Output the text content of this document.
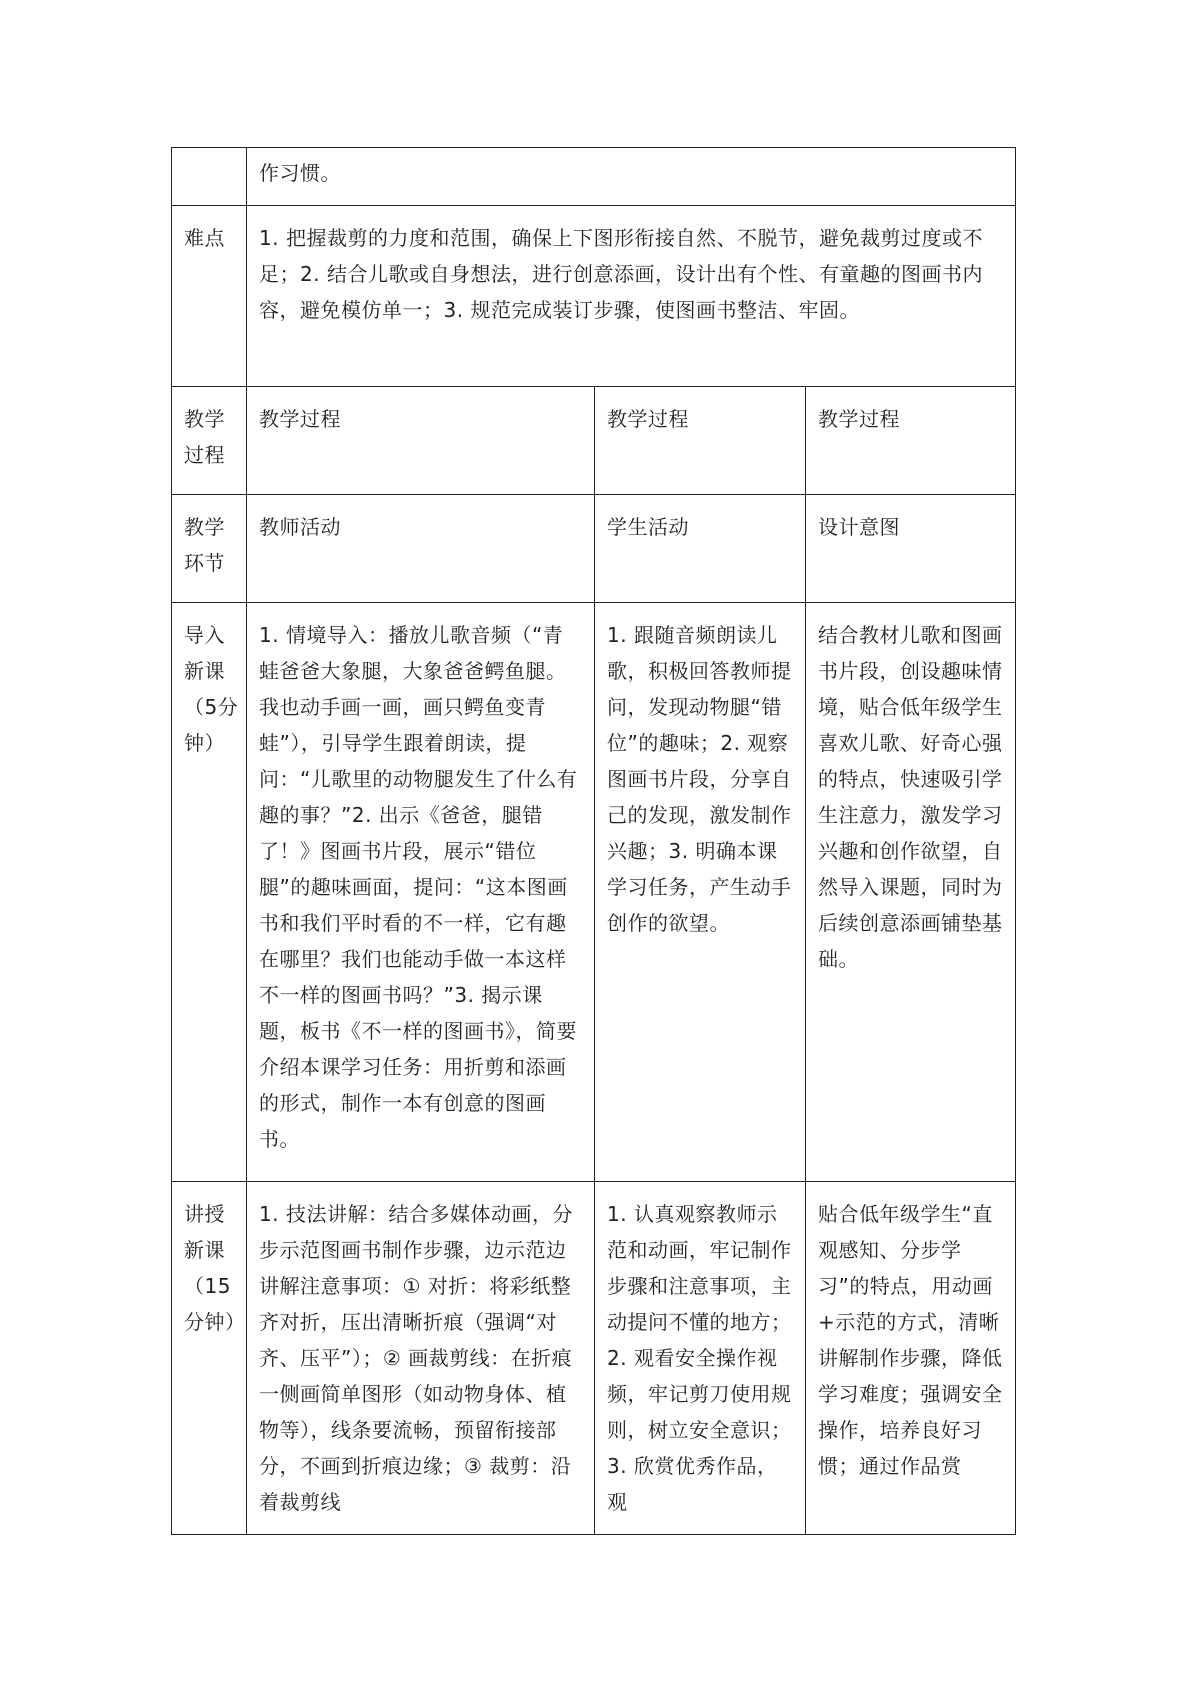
	作习惯。		
难点	1. 把握裁剪的力度和范围，确保上下图形衔接自然、不脱节，避免裁剪过度或不足；2. 结合儿歌或自身想法，进行创意添画，设计出有个性、有童趣的图画书内容，避免模仿单一；3. 规范完成装订步骤，使图画书整洁、牢固。		
教学过程	教学过程	教学过程	教学过程
教学环节	教师活动	学生活动	设计意图
导入新课（5分钟）	1. 情境导入：播放儿歌音频（“青蛙爸爸大象腿，大象爸爸鳄鱼腿。我也动手画一画，画只鳄鱼变青蛙”），引导学生跟着朗读，提问：“儿歌里的动物腿发生了什么有趣的事？”2. 出示《爸爸，腿错了！》图画书片段，展示“错位腿”的趣味画面，提问：“这本图画书和我们平时看的不一样，它有趣在哪里？我们也能动手做一本这样不一样的图画书吗？”3. 揭示课题，板书《不一样的图画书》，简要介绍本课学习任务：用折剪和添画的形式，制作一本有创意的图画书。	1. 跟随音频朗读儿歌，积极回答教师提问，发现动物腿“错位”的趣味；2. 观察图画书片段，分享自己的发现，激发制作兴趣；3. 明确本课学习任务，产生动手创作的欲望。	结合教材儿歌和图画书片段，创设趣味情境，贴合低年级学生喜欢儿歌、好奇心强的特点，快速吸引学生注意力，激发学习兴趣和创作欲望，自然导入课题，同时为后续创意添画铺垫基础。
讲授新课（15分钟）	1. 技法讲解：结合多媒体动画，分步示范图画书制作步骤，边示范边讲解注意事项：① 对折：将彩纸整齐对折，压出清晰折痕（强调“对齐、压平”）；② 画裁剪线：在折痕一侧画简单图形（如动物身体、植物等），线条要流畅，预留衔接部分，不画到折痕边缘；③ 裁剪：沿着裁剪线	1. 认真观察教师示范和动画，牢记制作步骤和注意事项，主动提问不懂的地方；2. 观看安全操作视频，牢记剪刀使用规则，树立安全意识；3. 欣赏优秀作品，观	贴合低年级学生“直观感知、分步学习”的特点，用动画+示范的方式，清晰讲解制作步骤，降低学习难度；强调安全操作，培养良好习惯；通过作品赏
